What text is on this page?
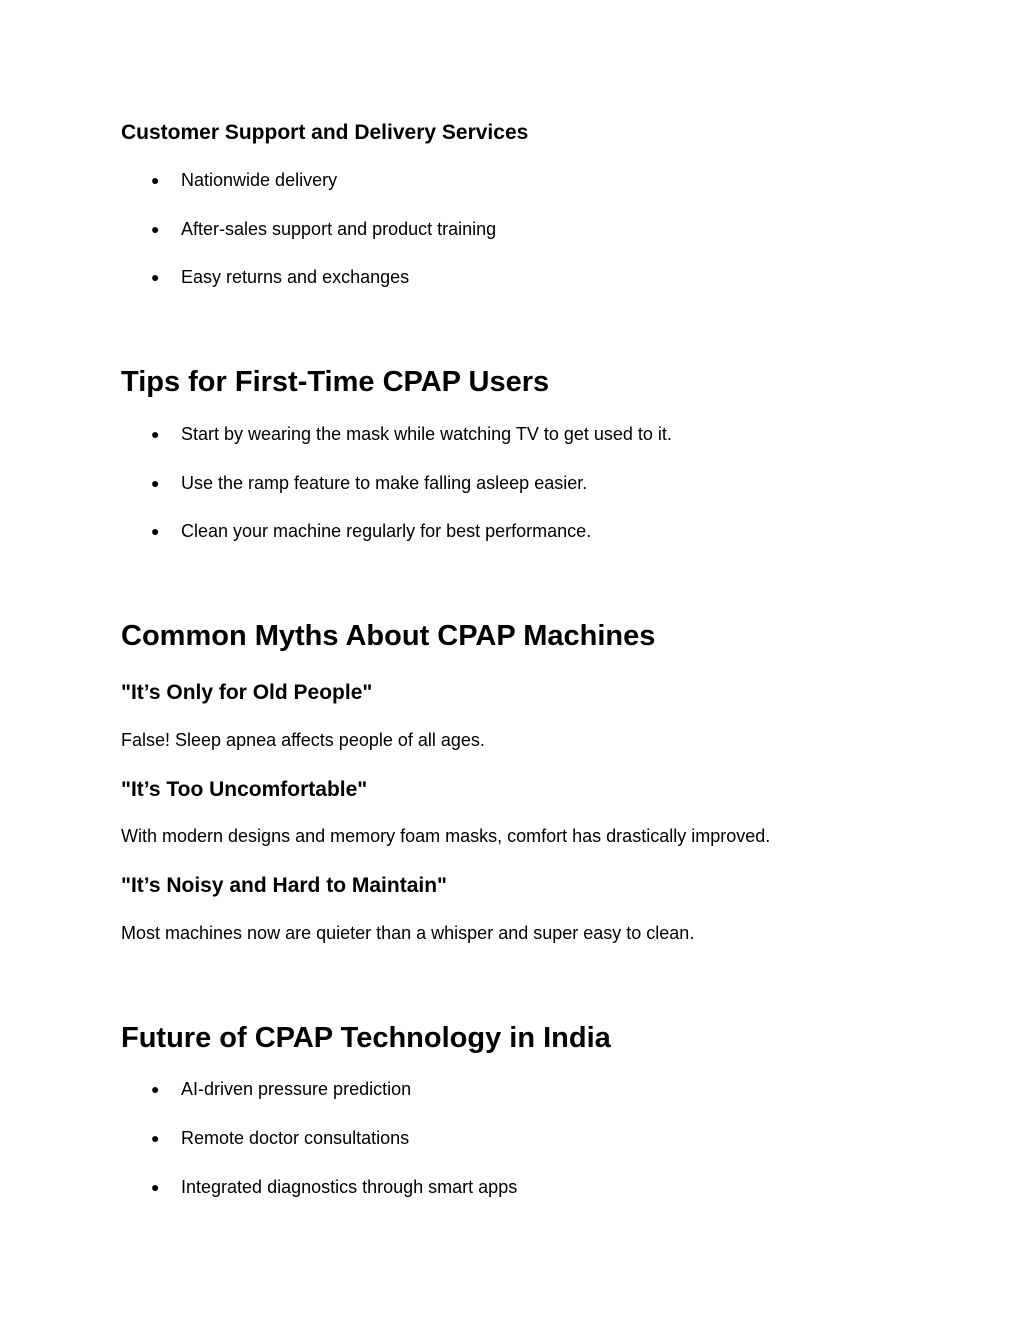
Customer Support and Delivery Services
● Nationwide delivery
● After-sales support and product training
● Easy returns and exchanges
Tips for First-Time CPAP Users
● Start by wearing the mask while watching TV to get used to it.
● Use the ramp feature to make falling asleep easier.
● Clean your machine regularly for best performance.
Common Myths About CPAP Machines
"It’s Only for Old People"

False! Sleep apnea affects people of all ages.

"It’s Too Uncomfortable"

With modern designs and memory foam masks, comfort has drastically improved.

"It’s Noisy and Hard to Maintain"

Most machines now are quieter than a whisper and super easy to clean.

Future of CPAP Technology in India
● AI-driven pressure prediction
● Remote doctor consultations
● Integrated diagnostics through smart apps
